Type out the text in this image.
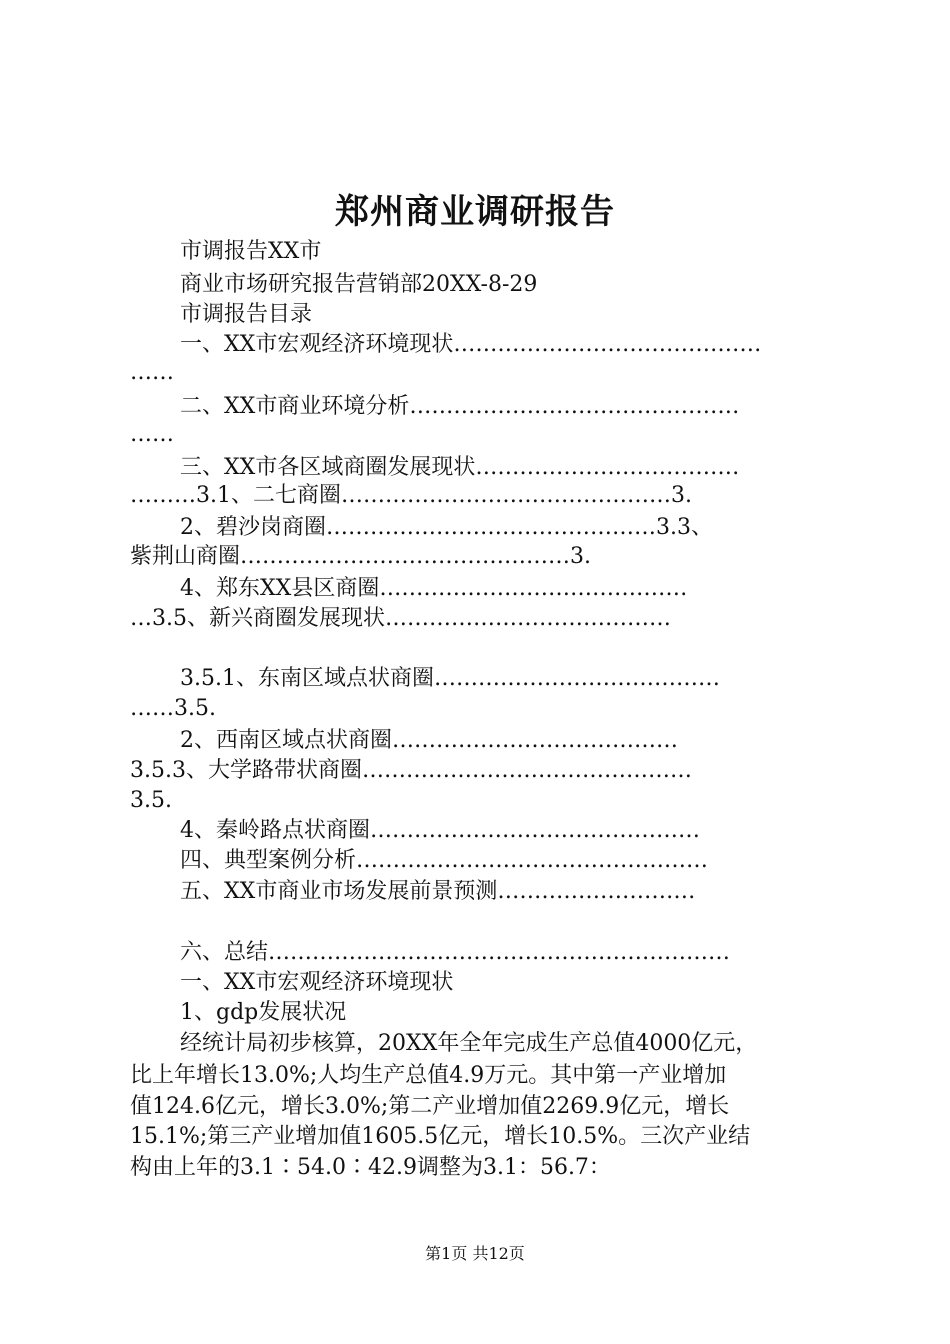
郑州商业调研报告
市调报告XX市
商业市场研究报告营销部20XX-8-29
市调报告目录
一、XX市宏观经济环境现状……………………………………
……
二、XX市商业环境分析………………………………………
……
三、XX市各区域商圈发展现状………………………………
………3.1、二七商圈………………………………………3.
2、碧沙岗商圈………………………………………3.3、
紫荆山商圈………………………………………3.
4、郑东XX县区商圈……………………………………
…3.5、新兴商圈发展现状…………………………………
3.5.1、东南区域点状商圈…………………………………
……3.5.
2、西南区域点状商圈…………………………………
3.5.3、大学路带状商圈………………………………………
3.5.
4、秦岭路点状商圈………………………………………
四、典型案例分析…………………………………………
五、XX市商业市场发展前景预测………………………
六、总结………………………………………………………
一、XX市宏观经济环境现状
1、gdp发展状况
经统计局初步核算，20XX年全年完成生产总值4000亿元，
比上年增长13.0%;人均生产总值4.9万元。其中第一产业增加
值124.6亿元，增长3.0%;第二产业增加值2269.9亿元，增长
15.1%;第三产业增加值1605.5亿元，增长10.5%。三次产业结
构由上年的3.1∶54.0∶42.9调整为3.1：56.7：
第1页 共12页
